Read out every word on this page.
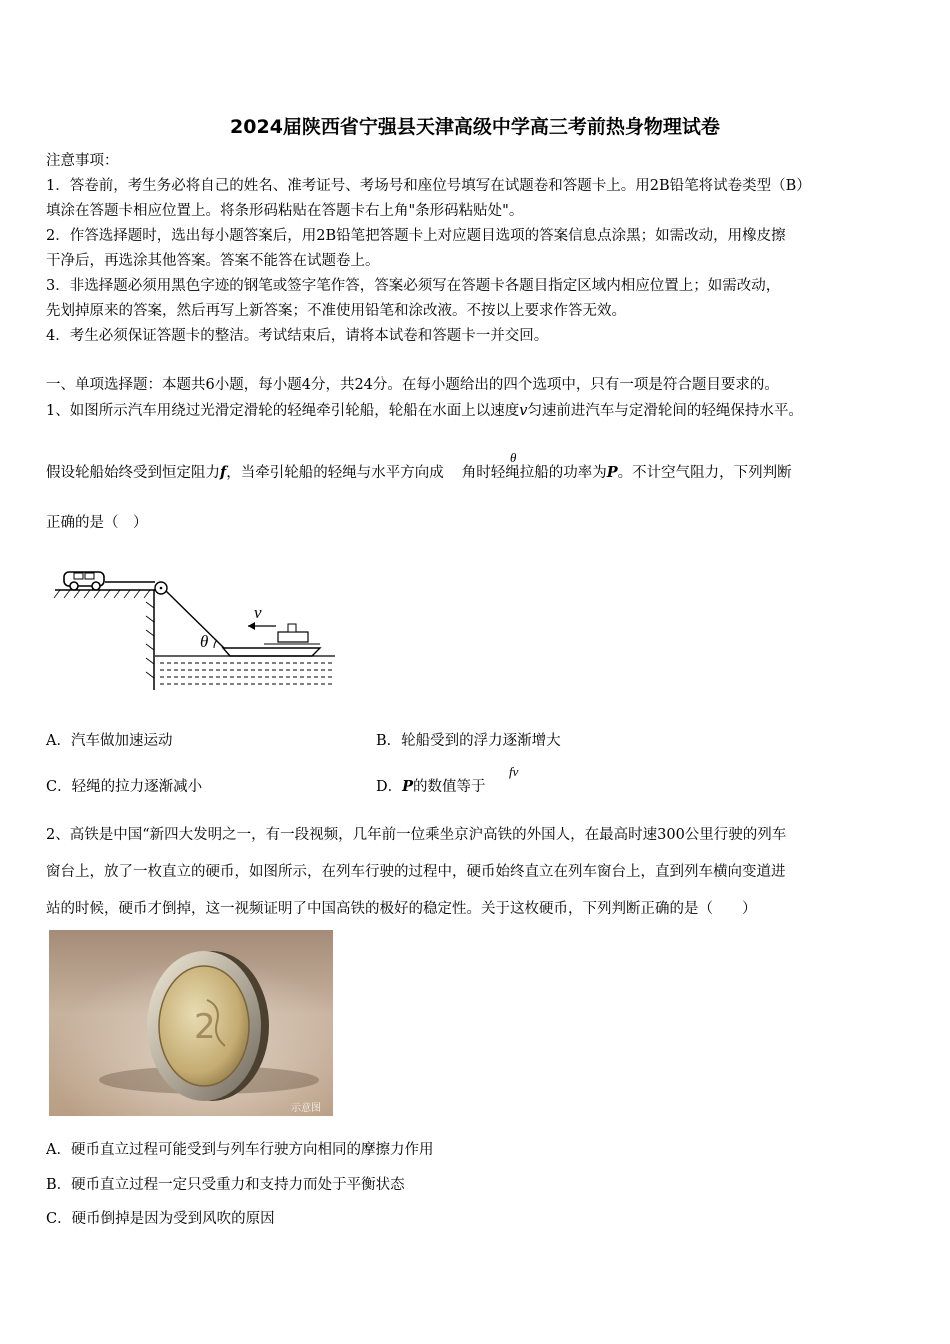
2024届陕西省宁强县天津高级中学高三考前热身物理试卷
注意事项：
1．答卷前，考生务必将自己的姓名、准考证号、考场号和座位号填写在试题卷和答题卡上。用2B铅笔将试卷类型（B）
填涂在答题卡相应位置上。将条形码粘贴在答题卡右上角"条形码粘贴处"。
2．作答选择题时，选出每小题答案后，用2B铅笔把答题卡上对应题目选项的答案信息点涂黑；如需改动，用橡皮擦
干净后，再选涂其他答案。答案不能答在试题卷上。
3．非选择题必须用黑色字迹的钢笔或签字笔作答，答案必须写在答题卡各题目指定区域内相应位置上；如需改动，
先划掉原来的答案，然后再写上新答案；不准使用铅笔和涂改液。不按以上要求作答无效。
4．考生必须保证答题卡的整洁。考试结束后，请将本试卷和答题卡一并交回。
一、单项选择题：本题共6小题，每小题4分，共24分。在每小题给出的四个选项中，只有一项是符合题目要求的。
1、如图所示汽车用绕过光滑定滑轮的轻绳牵引轮船，轮船在水面上以速度v匀速前进汽车与定滑轮间的轻绳保持水平。
θ
假设轮船始终受到恒定阻力f，当牵引轮船的轻绳与水平方向成 角时轻绳拉船的功率为P。不计空气阻力，下列判断
正确的是（　）
θ
v
A．汽车做加速运动	B．轮船受到的浮力逐渐增大
C．轻绳的拉力逐渐减小	D．P的数值等于
fv
2、高铁是中国“新四大发明之一，有一段视频，几年前一位乘坐京沪高铁的外国人，在最高时速300公里行驶的列车
窗台上，放了一枚直立的硬币，如图所示，在列车行驶的过程中，硬币始终直立在列车窗台上，直到列车横向变道进
站的时候，硬币才倒掉，这一视频证明了中国高铁的极好的稳定性。关于这枚硬币，下列判断正确的是（　　）
2
示意图
A．硬币直立过程可能受到与列车行驶方向相同的摩擦力作用
B．硬币直立过程一定只受重力和支持力而处于平衡状态
C．硬币倒掉是因为受到风吹的原因
